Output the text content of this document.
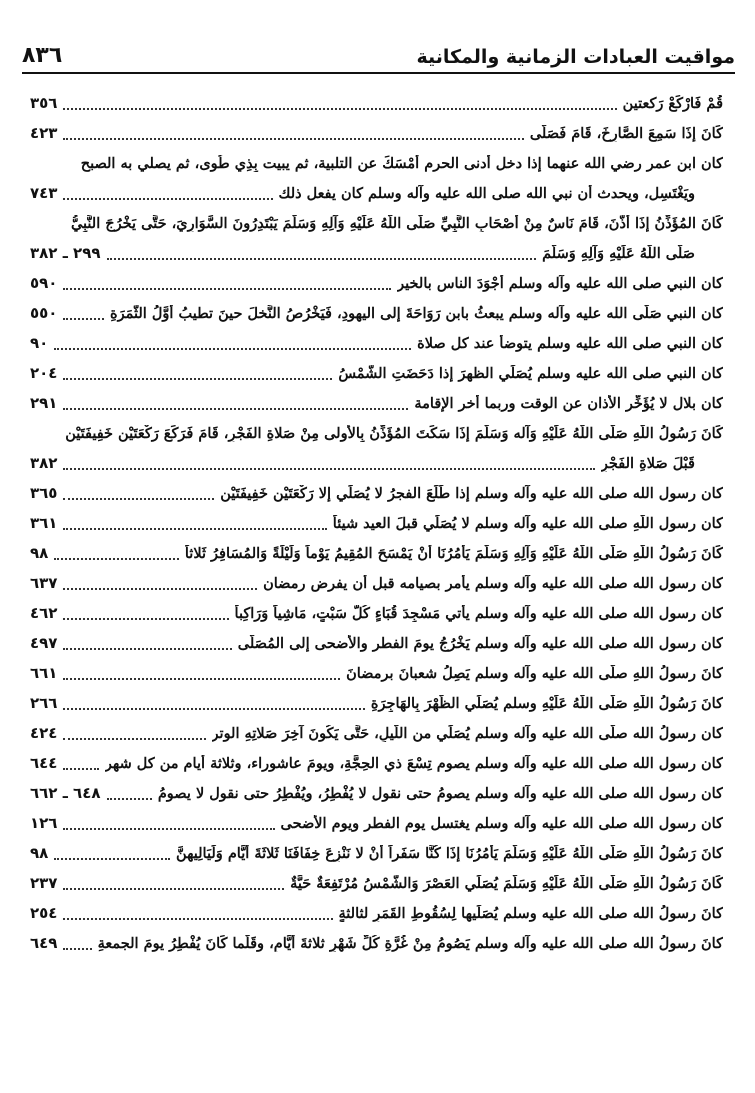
مواقيت العبادات الزمانية والمكانية
٨٣٦
قُمْ فَارْكَعْ رَكعتين
٣٥٦
كَانَ إِذَا سَمِعَ الصَّارِخَ، قَامَ فَصَلَّى
٤٢٣
كان ابن عمر رضي الله عنهما إذا دخل أدنى الحرم أَمْسَكَ عن التلبية، ثم يبيت بِذِي طُوى، ثم يصلي به الصبح
ويَغْتَسِل، ويحدث أن نبي الله صلى الله عليه وآله وسلم كان يفعل ذلك
٧٤٣
كَانَ المُؤَذِّنُ إِذَا أَذَّنَ، قَامَ نَاسٌ مِنْ أَصْحَابِ النَّبِيِّ صَلَّى اللَّهُ عَلَيْهِ وَآلِهِ وَسَلَّمَ يَبْتَدِرُونَ السَّوَارِيَ، حَتَّى يَخْرُجَ النَّبِيُّ
صَلَّى اللَّهُ عَلَيْهِ وَآلِهِ وَسَلَّمَ
٢٩٩ ـ ٣٨٢
كان النبي صلى الله عليه وآله وسلم أَجْوَدَ الناس بالخير
٥٩٠
كان النبي صَلَّى الله عليه وآله وسلم يبعثُ بابنِ رَوَاحَةَ إلى اليهودِ، فَيَخْرُصُ النَّخلَ حينَ تطيبُ أَوَّلُ الثَّمَرَةِ
٥٥٠
كان النبي صلى الله عليه وسلم يتوضأ عند كل صلاة
٩٠
كان النبي صلى الله عليه وسلم يُصَلِّي الظهرَ إذا دَحَضَتِ الشَّمْسُ
٢٠٤
كان بلال لا يُؤَخِّر الأذان عن الوقت وربما أخر الإقامة
٢٩١
كَانَ رَسُولُ اللَّهِ صَلَّى اللَّهُ عَلَيْهِ وَآله وَسَلَّمَ إِذَا سَكَتَ المُؤَذِّنُ بِالأُولى مِنْ صَلاةِ الفَجْرِ، قَامَ فَرَكَعَ رَكْعَتَيْنِ خَفِيفَتَيْنِ
قَبْلَ صَلاةِ الفَجْرِ
٣٨٢
كان رسول الله صلى الله عليه وآله وسلم إذا طَلَعَ الفجرُ لا يُصَلِّي إلا رَكْعَتَيْنِ خَفِيفَتَيْنِ
٣٦٥
كان رسول اللَّهِ صلى الله عليه وآله وسلم لا يُصَلِّي قبلَ العيد شيئاً
٣٦١
كَانَ رَسُولُ اللَّهِ صَلَّى اللَّهُ عَلَيْهِ وَآلِهِ وَسَلَّمَ يَأْمُرُنَا أَنْ يَمْسَحَ المُقِيمُ يَوْماً وَلَيْلَةً وَالمُسَافِرُ ثَلاثاً
٩٨
كان رسول الله صلى الله عليه وآله وسلم يأمر بصيامه قبل أن يفرض رمضان
٦٣٧
كان رسول الله صلى الله عليه وآله وسلم يأتي مَسْجِدَ قُبَاءٍ كُلَّ سَبْتٍ، مَاشِياً وَرَاكِباً
٤٦٢
كان رسول الله صلى الله عليه وآله وسلم يَخْرُجُ يومَ الفطر والأضحى إلى المُصَلَّى
٤٩٧
كانَ رسولُ اللهِ صلَّى الله عليه وآله وسلم يَصِلُ شعبانَ برمضانَ
٦٦١
كانَ رَسُولُ اللَّهِ صَلَّى اللَّهُ عَلَيْهِ وسلم يُصَلِّي الظُّهْرَ بِالهَاجِرَةِ
٢٦٦
كان رسولُ الله صلَّى الله عليه وآله وسلم يُصَلِّي من اللَّيلِ، حَتَّى يَكُونَ آخِرَ صَلاتِهِ الوتر
٤٢٤
كان رسول الله صلى الله عليه وآله وسلم يصوم تِسْعَ ذي الحِجَّةِ، ويومَ عاشوراء، وثلاثة أيام من كل شهر
٦٤٤
كان رسول الله صلى الله عليه وآله وسلم يصومُ حتى نقول لا يُفْطِرُ، ويُفْطِرُ حتى نقول لا يصومُ
٦٤٨ ـ ٦٦٢
كان رسول الله صلى الله عليه وآله وسلم يغتسل يوم الفطر ويوم الأضحى
١٢٦
كانَ رَسُولُ اللَّهِ صَلَّى اللَّهُ عَلَيْهِ وَسَلَّمَ يَأْمُرُنَا إِذَا كُنَّا سَفَراً أَنْ لا نَنْزِعَ خِفَافَنَا ثَلاثَةَ أَيَّامٍ وَلَيَالِيهِنَّ
٩٨
كَانَ رَسُولُ اللَّهِ صَلَّى اللَّهُ عَلَيْهِ وَسَلَّمَ يُصَلِّي العَصْرَ وَالشَّمْسُ مُرْتَفِعَةٌ حَيَّةٌ
٢٣٧
كانَ رسولُ الله صلى الله عليه وسلم يُصَلِّيها لِسُقُوطِ القَمَرِ لثالثةٍ
٢٥٤
كانَ رسولُ الله صلى الله عليه وآله وسلم يَصُومُ مِنْ غُرَّةِ كُلِّ شَهْرٍ ثلاثةَ أَيَّامٍ، وقَلَّما كَانَ يُفْطِرُ يومَ الجمعةِ
٦٤٩
